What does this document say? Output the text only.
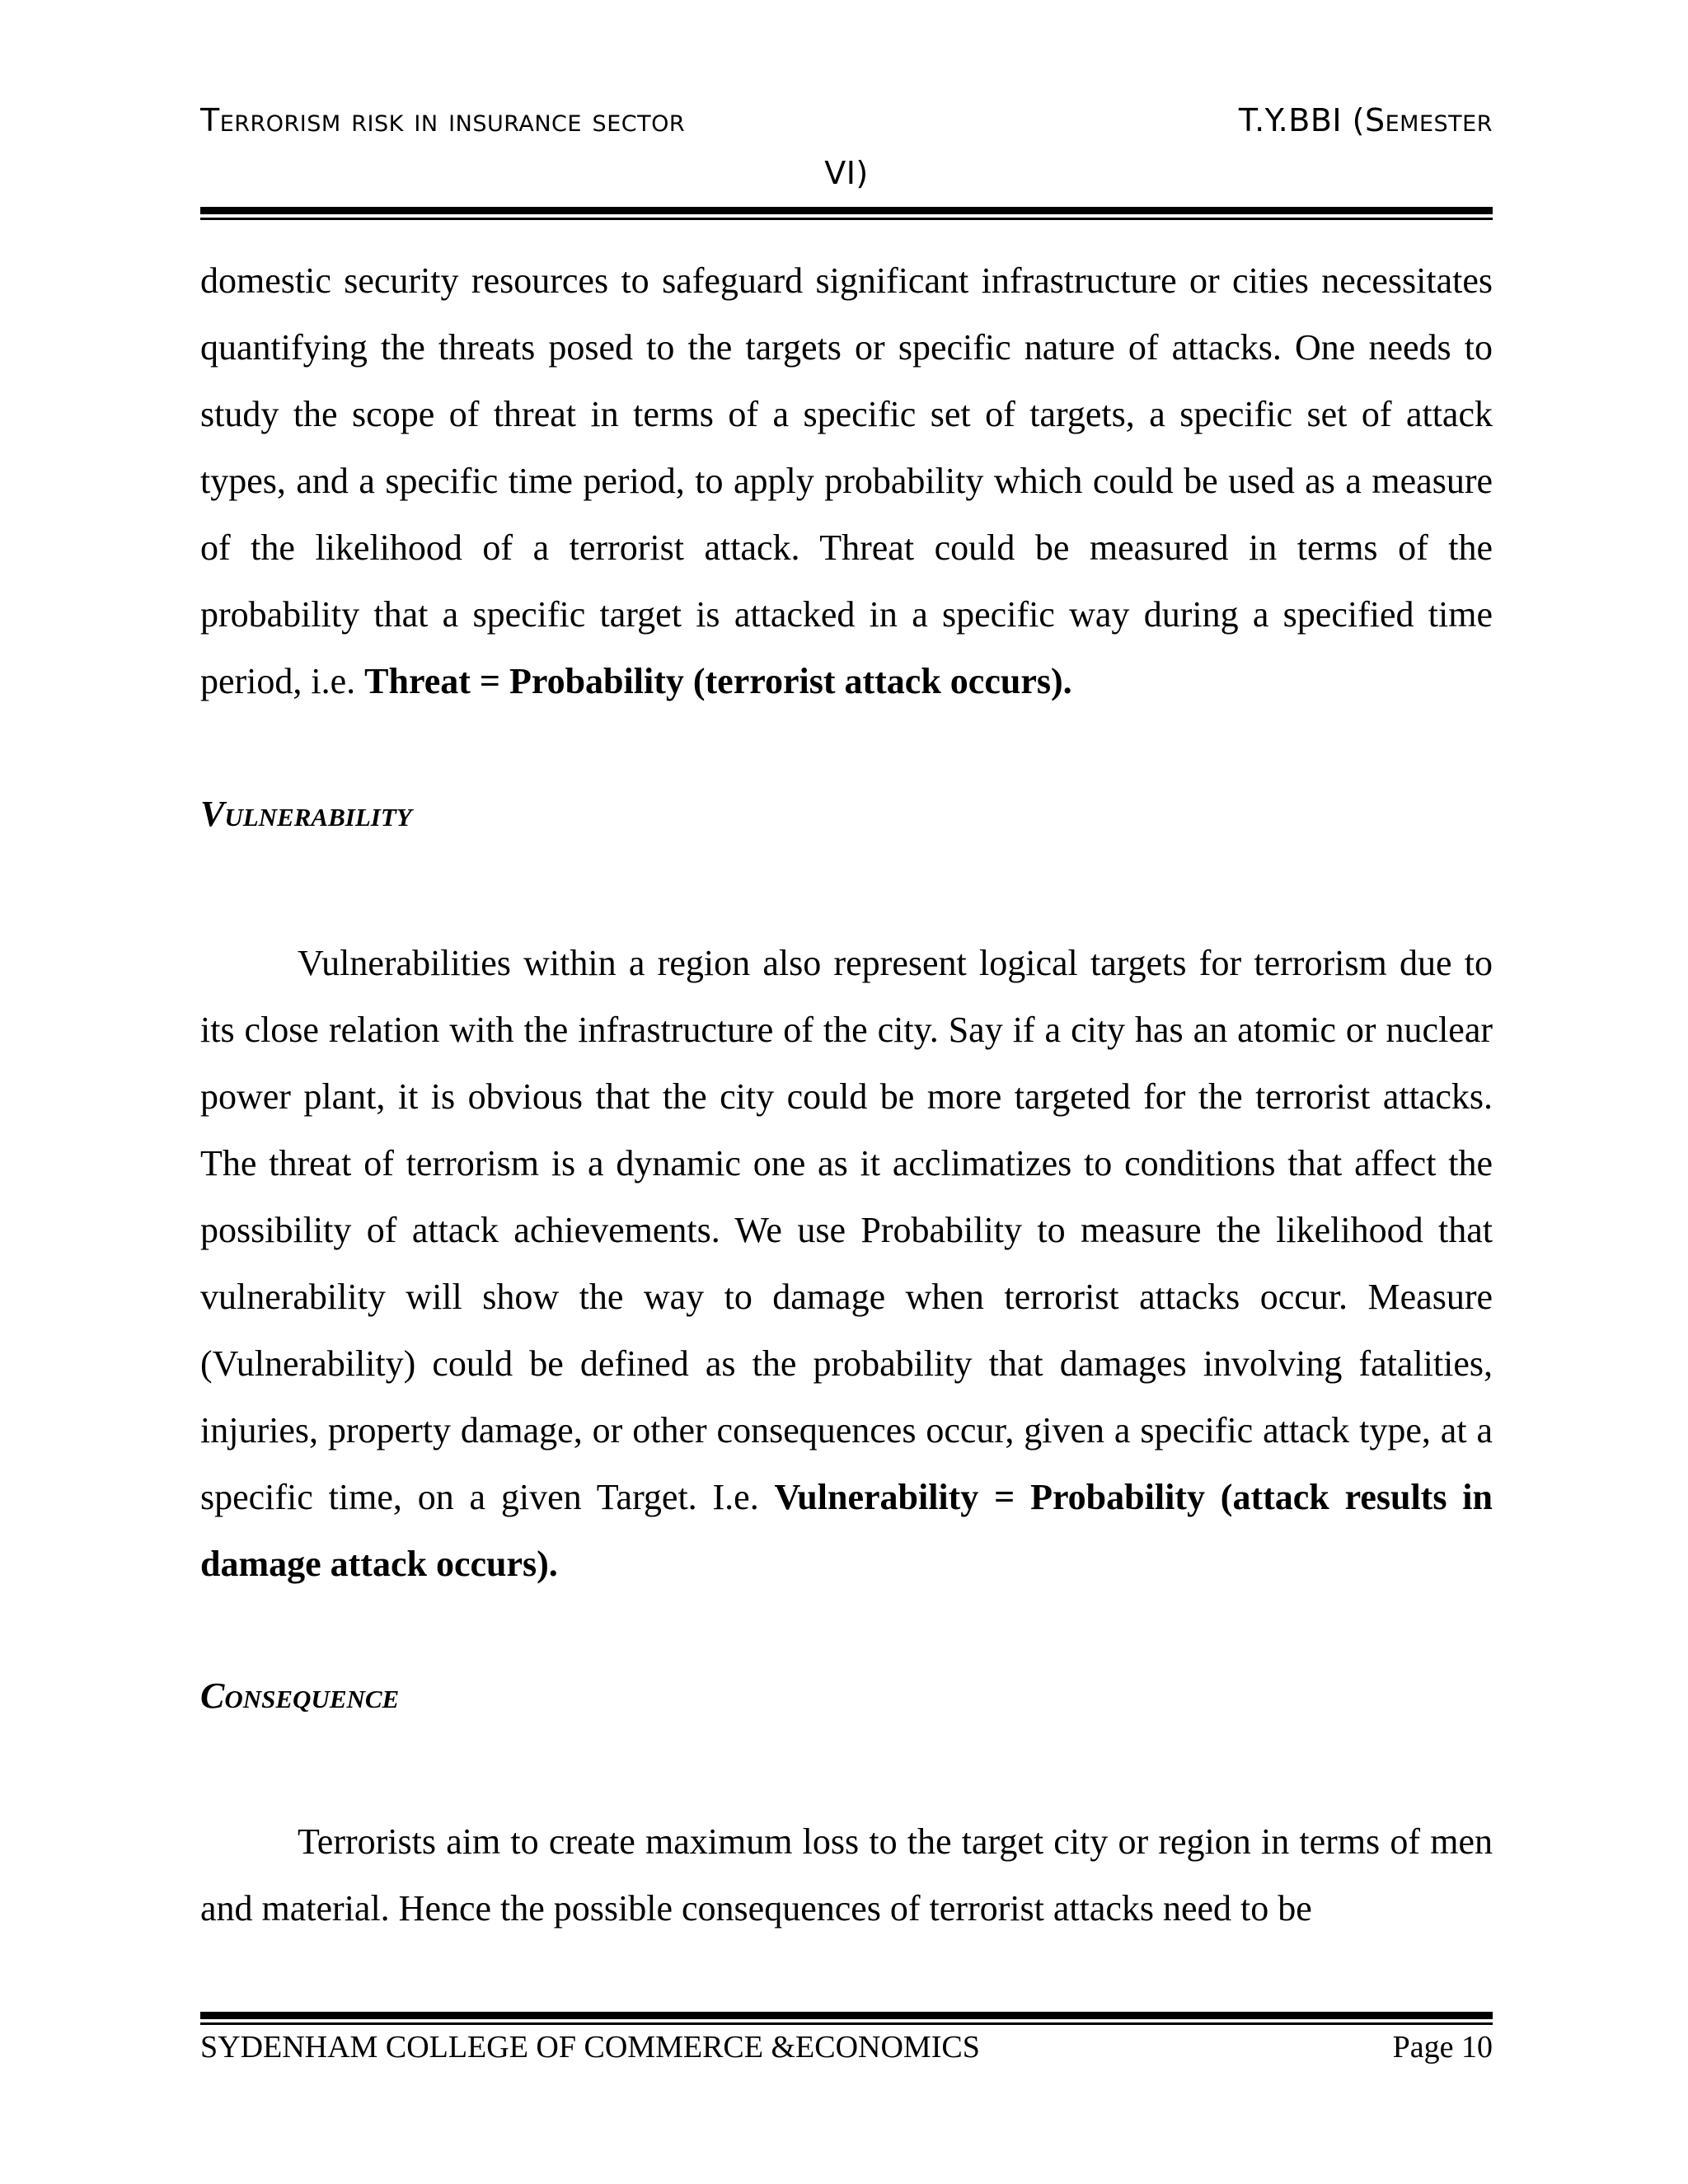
Terrorism risk in insurance sector	T.Y.BBI (Semester
VI)
domestic security resources to safeguard significant infrastructure or cities necessitates quantifying the threats posed to the targets or specific nature of attacks. One needs to study the scope of threat in terms of a specific set of targets, a specific set of attack types, and a specific time period, to apply probability which could be used as a measure of the likelihood of a terrorist attack. Threat could be measured in terms of the probability that a specific target is attacked in a specific way during a specified time period, i.e. Threat = Probability (terrorist attack occurs).
Vulnerability
Vulnerabilities within a region also represent logical targets for terrorism due to its close relation with the infrastructure of the city. Say if a city has an atomic or nuclear power plant, it is obvious that the city could be more targeted for the terrorist attacks. The threat of terrorism is a dynamic one as it acclimatizes to conditions that affect the possibility of attack achievements. We use Probability to measure the likelihood that vulnerability will show the way to damage when terrorist attacks occur. Measure (Vulnerability) could be defined as the probability that damages involving fatalities, injuries, property damage, or other consequences occur, given a specific attack type, at a specific time, on a given Target. I.e. Vulnerability = Probability (attack results in damage attack occurs).
Consequence
Terrorists aim to create maximum loss to the target city or region in terms of men and material. Hence the possible consequences of terrorist attacks need to be
SYDENHAM COLLEGE OF COMMERCE &ECONOMICS	Page 10
